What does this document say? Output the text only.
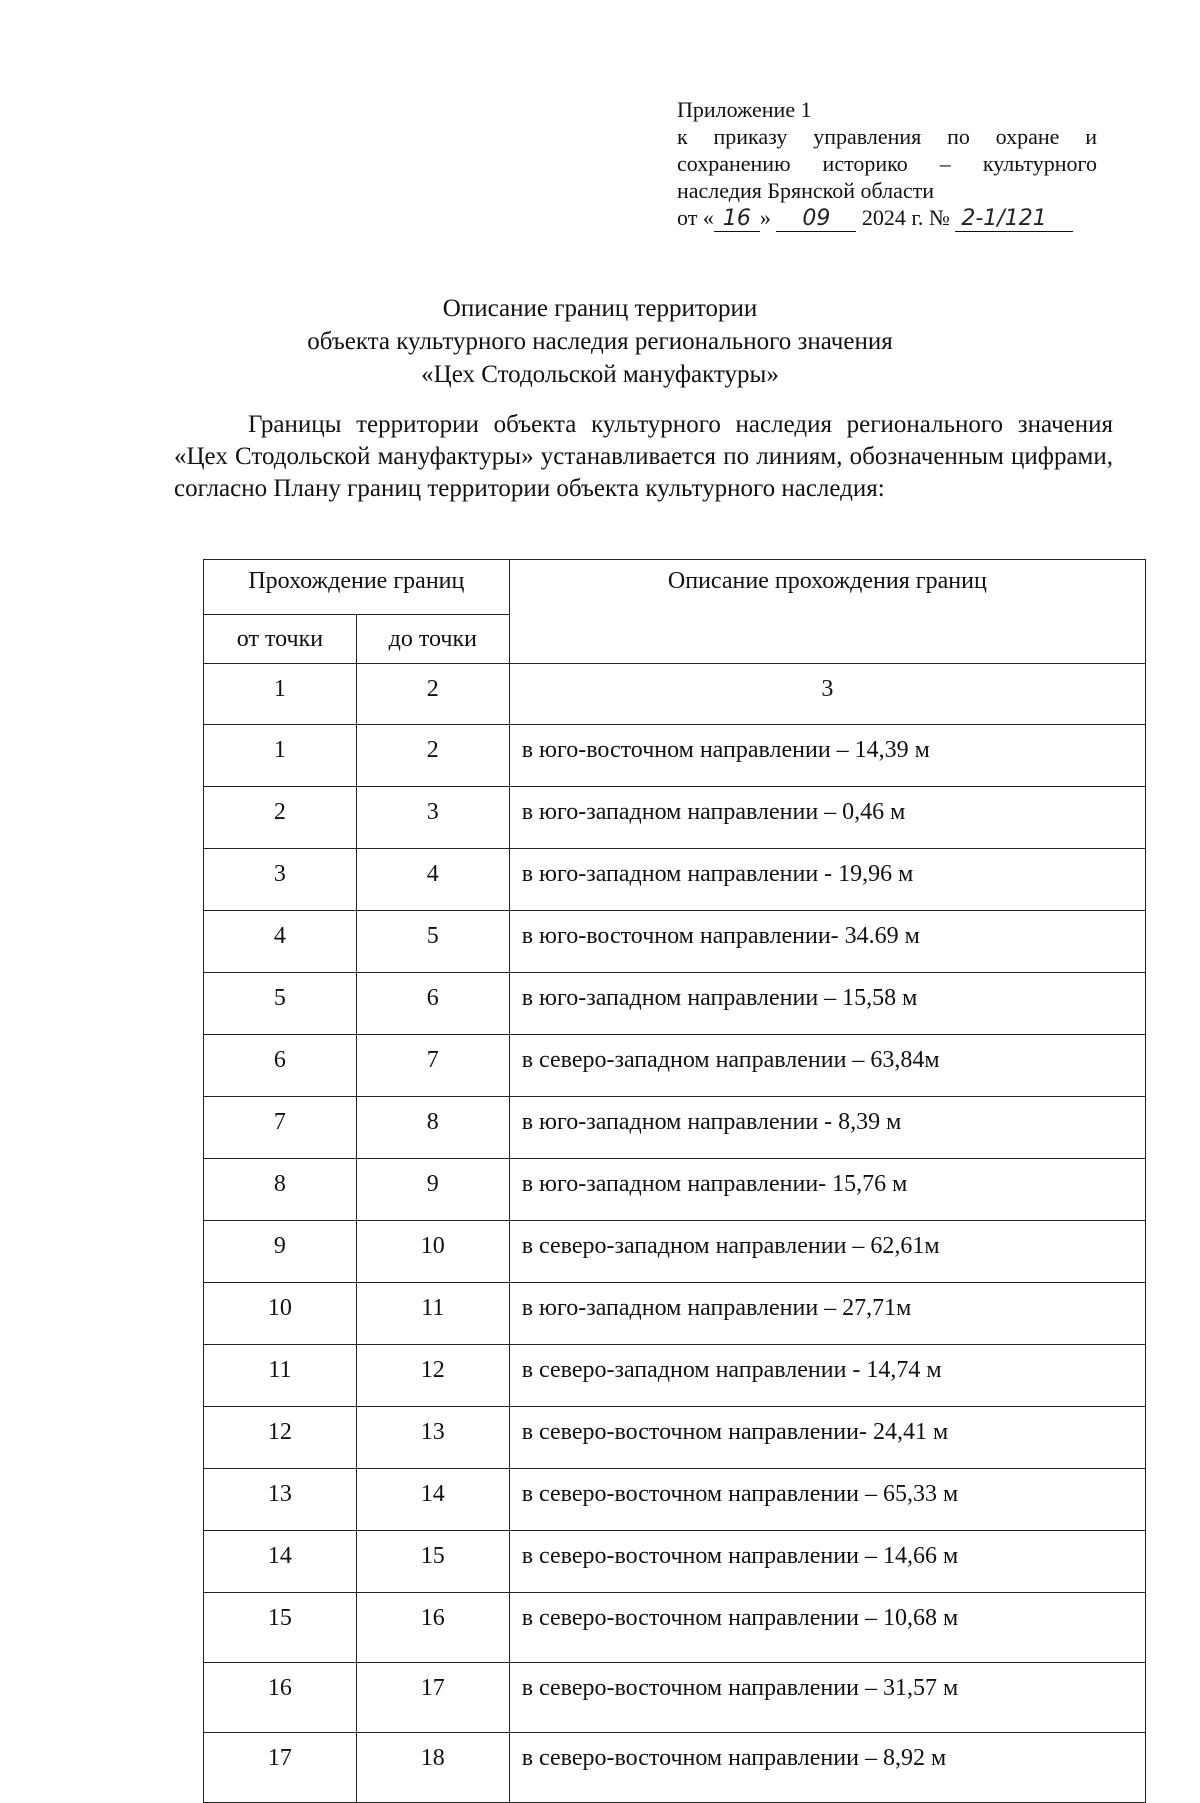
Приложение 1
к приказу управления по охране и
сохранению историко – культурного
наследия Брянской области
от « 16 » 09 2024 г. № 2-1/121
Описание границ территории
объекта культурного наследия регионального значения
«Цех Стодольской мануфактуры»
Границы территории объекта культурного наследия регионального значения «Цех Стодольской мануфактуры» устанавливается по линиям, обозначенным цифрами, согласно Плану границ территории объекта культурного наследия:
Прохождение границ		Описание прохождения границ
от точки	до точки	
1	2	3
1	2	в юго-восточном направлении – 14,39 м
2	3	в юго-западном направлении – 0,46 м
3	4	в юго-западном направлении - 19,96 м
4	5	в юго-восточном направлении- 34.69 м
5	6	в юго-западном направлении – 15,58 м
6	7	в северо-западном направлении – 63,84м
7	8	в юго-западном направлении - 8,39 м
8	9	в юго-западном направлении- 15,76 м
9	10	в северо-западном направлении – 62,61м
10	11	в юго-западном направлении – 27,71м
11	12	в северо-западном направлении - 14,74 м
12	13	в северо-восточном направлении- 24,41 м
13	14	в северо-восточном направлении – 65,33 м
14	15	в северо-восточном направлении – 14,66 м
15	16	в северо-восточном направлении – 10,68 м
16	17	в северо-восточном направлении – 31,57 м
17	18	в северо-восточном направлении – 8,92 м
